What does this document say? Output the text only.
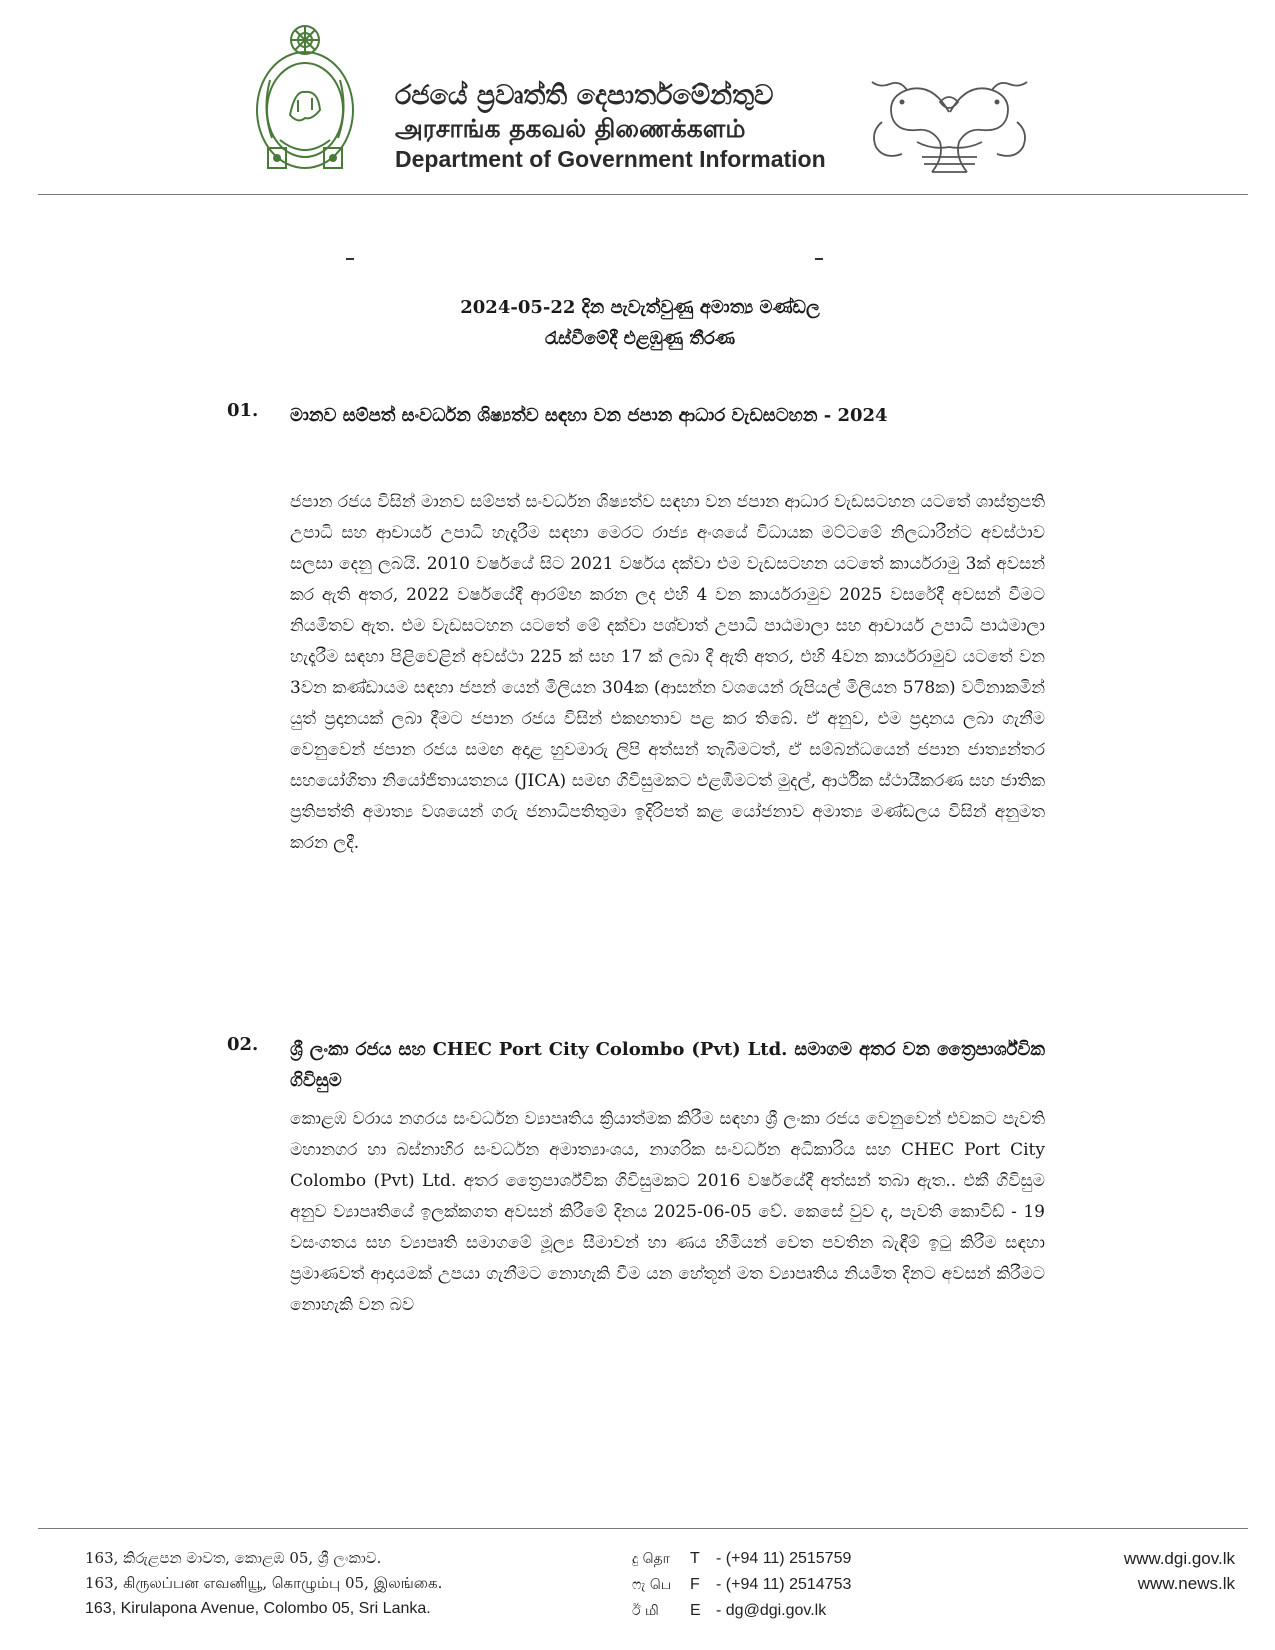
රජයේ ප්‍රවෘත්ති දෙපාර්තමේන්තුව
அரசாங்க தகவல் திணைக்களம்
Department of Government Information
2024-05-22 දින පැවැත්වුණු අමාත්‍ය මණ්ඩල
රැස්වීමේදී එළඹුණු තීරණ
01. මානව සම්පත් සංවර්ධන ශිෂ්‍යත්ව සඳහා වන ජපාන ආධාර වැඩසටහන - 2024
ජපාන රජය විසින් මානව සම්පත් සංවර්ධන ශිෂ්‍යත්ව සඳහා වන ජපාන ආධාර වැඩසටහන යටතේ ශාස්ත්‍රපති උපාධි සහ ආචාර්ය උපාධි හැදෑරීම සඳහා මෙරට රාජ්‍ය අංශයේ විධායක මට්ටමේ නිලධාරීන්ට අවස්ථාව සලසා දෙනු ලබයි. 2010 වර්ෂයේ සිට 2021 වර්ෂය දක්වා එම වැඩසටහන යටතේ කාර්යරාමු 3ක් අවසන් කර ඇති අතර, 2022 වර්ෂයේදී ආරම්භ කරන ලද එහි 4 වන කාර්යරාමුව 2025 වසරේදී අවසන් වීමට නියමිතව ඇත. එම වැඩසටහන යටතේ මේ දක්වා පශ්චාත් උපාධි පාඨමාලා සහ ආචාර්ය උපාධි පාඨමාලා හැදෑරීම සඳහා පිළිවෙළින් අවස්ථා 225 ක් සහ 17 ක් ලබා දී ඇති අතර, එහි 4වන කාර්යරාමුව යටතේ වන 3වන කණ්ඩායම සඳහා ජපන් යෙන් මිලියන 304ක (ආසන්න වශයෙන් රුපියල් මිලියන 578ක) වටිනාකමින් යුත් ප්‍රදානයක් ලබා දීමට ජපාන රජය විසින් එකඟතාව පළ කර තිබේ. ඒ අනුව, එම ප්‍රදානය ලබා ගැනීම වෙනුවෙන් ජපාන රජය සමඟ අදාළ හුවමාරු ලිපි අත්සන් තැබීමටත්, ඒ සම්බන්ධයෙන් ජපාන ජාත්‍යන්තර සහයෝගිතා නියෝජිතායතනය (JICA) සමඟ ගිවිසුමකට එළඹීමටත් මුදල්, ආර්ථික ස්ථායීකරණ සහ ජාතික ප්‍රතිපත්ති අමාත්‍ය වශයෙන් ගරු ජනාධිපතිතුමා ඉදිරිපත් කළ යෝජනාව අමාත්‍ය මණ්ඩලය විසින් අනුමත කරන ලදී.
02. ශ්‍රී ලංකා රජය සහ CHEC Port City Colombo (Pvt) Ltd. සමාගම අතර වන ත්‍රෛපාර්ශ්වික ගිවිසුම
කොළඹ වරාය නගරය සංවර්ධන ව්‍යාපෘතිය ක්‍රියාත්මක කිරීම සඳහා ශ්‍රී ලංකා රජය වෙනුවෙන් එවකට පැවති මහානගර හා බස්නාහිර සංවර්ධන අමාත්‍යාංශය, නාගරික සංවර්ධන අධිකාරිය සහ CHEC Port City Colombo (Pvt) Ltd. අතර ත්‍රෛපාර්ශ්වික ගිවිසුමකට 2016 වර්ෂයේදී අත්සන් තබා ඇත.. එකී ගිවිසුම අනුව ව්‍යාපෘතියේ ඉලක්කගත අවසන් කිරීමේ දිනය 2025-06-05 වේ. කෙසේ වුව ද, පැවති කොවිඩ් - 19 වසංගතය සහ ව්‍යාපෘති සමාගමේ මූල්‍ය සීමාවන් හා ණය හිමියන් වෙත පවතින බැඳීම් ඉටු කිරීම සඳහා ප්‍රමාණවත් ආදායමක් උපයා ගැනීමට නොහැකි වීම යන හේතූන් මත ව්‍යාපෘතිය නියමිත දිනට අවසන් කිරීමට නොහැකි වන බව
163, කිරුළපන මාවත, කොළඹ 05, ශ්‍රී ලංකාව.
163, கிருலப்பன எவனியூ, கொழும்பு 05, இலங்கை.
163, Kirulapona Avenue, Colombo 05, Sri Lanka.
දු தொ T - (+94 11) 2515759
ෆැ பெ F - (+94 11) 2514753
ඊ மி E - dg@dgi.gov.lk
www.dgi.gov.lk
www.news.lk
